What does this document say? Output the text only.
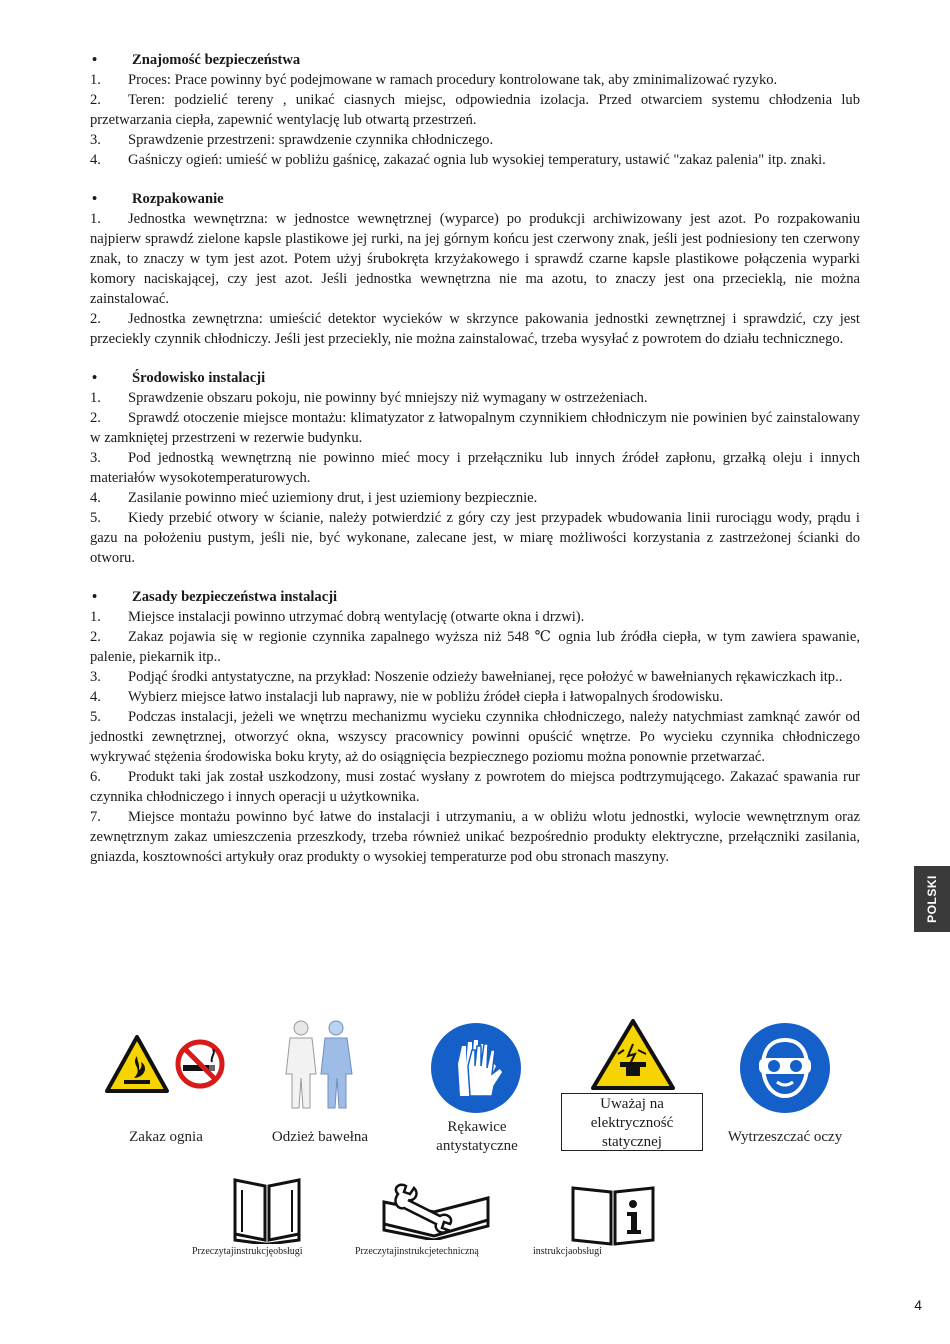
•	Znajomość bezpieczeństwa
1. Proces: Prace powinny być podejmowane w ramach procedury kontrolowane tak, aby zminimalizować ryzyko.
2. Teren: podzielić tereny , unikać ciasnych miejsc, odpowiednia izolacja. Przed otwarciem systemu chłodzenia lub przetwarzania ciepła, zapewnić wentylację lub otwartą przestrzeń.
3. Sprawdzenie przestrzeni: sprawdzenie czynnika chłodniczego.
4. Gaśniczy ogień: umieść w pobliżu gaśnicę, zakazać ognia lub wysokiej temperatury, ustawić "zakaz palenia" itp. znaki.
•	Rozpakowanie
1. Jednostka wewnętrzna: w jednostce wewnętrznej (wyparce) po produkcji archiwizowany jest azot. Po rozpakowaniu najpierw sprawdź zielone kapsle plastikowe jej rurki, na jej górnym końcu jest czerwony znak, jeśli jest podniesiony ten czerwony znak, to znaczy w tym jest azot. Potem użyj śrubokręta krzyżakowego i sprawdź czarne kapsle plastikowe połączenia wyparki komory naciskającej, czy jest azot. Jeśli jednostka wewnętrzna nie ma azotu, to znaczy jest ona przecieklą, nie można zainstalować.
2. Jednostka zewnętrzna: umieścić detektor wycieków w skrzynce pakowania jednostki zewnętrznej i sprawdzić, czy jest przecieklу czynnik chłodniczy. Jeśli jest przecieklу, nie można zainstalować, trzeba wysyłać z powrotem do działu technicznego.
•	Środowisko instalacji
1. Sprawdzenie obszaru pokoju, nie powinny być mniejszy niż wymagany w ostrzeżeniach.
2. Sprawdź otoczenie miejsce montażu: klimatyzator z łatwopalnym czynnikiem chłodniczym nie powinien być zainstalowany w zamkniętej przestrzeni w rezerwie budynku.
3. Pod jednostką wewnętrzną nie powinno mieć mocy i przełączniku lub innych źródeł zapłonu, grzałką oleju i innych materiałów wysokotemperaturowych.
4. Zasilanie powinno mieć uziemiony drut, i jest uziemiony bezpiecznie.
5. Kiedy przebić otwory w ścianie, należy potwierdzić z góry czy jest przypadek wbudowania linii rurociągu wody, prądu i gazu na położeniu pustym, jeśli nie, być wykonane, zalecane jest, w miarę możliwości korzystania z zastrzeżonej ścianki do otworu.
•	Zasady bezpieczeństwa instalacji
1. Miejsce instalacji powinno utrzymać dobrą wentylację (otwarte okna i drzwi).
2. Zakaz pojawia się w regionie czynnika zapalnego wyższa niż 548 ℃ ognia lub źródła ciepła, w tym zawiera spawanie, palenie, piekarnik itp..
3. Podjąć środki antystatyczne, na przykład: Noszenie odzieży bawełnianej, ręce położyć w bawełnianych rękawiczkach itp..
4. Wybierz miejsce łatwo instalacji lub naprawy, nie w pobliżu źródeł ciepła i łatwopalnych środowisku.
5. Podczas instalacji, jeżeli we wnętrzu mechanizmu wycieku czynnika chłodniczego, należy natychmiast zamknąć zawór od jednostki zewnętrznej, otworzyć okna, wszyscy pracownicy powinni opuścić wnętrze. Po wycieku czynnika chłodniczego wykrywać stężenia środowiska boku kryty, aż do osiągnięcia bezpiecznego poziomu można ponownie przetwarzać.
6. Produkt taki jak został uszkodzony, musi zostać wysłany z powrotem do miejsca podtrzymującego. Zakazać spawania rur czynnika chłodniczego i innych operacji u użytkownika.
7. Miejsce montażu powinno być łatwe do instalacji i utrzymaniu, a w obliżu wlotu jednostki, wylocie wewnętrznym oraz zewnętrznym zakaz umieszczenia przeszkody, trzeba również unikać bezpośrednio produkty elektryczne, przełączniki zasilania, gniazda, kosztowności artykuły oraz produkty o wysokiej temperaturze pod obu stronach maszyny.
POLSKI
Zakaz ognia	Odzież bawełna
Rękawice antystatyczne
Uważaj na elektryczność statycznej	Wytrzeszczać oczy
Przeczytajinstrukcjęobsługi	Przeczytajinstrukcjetechniczną	instrukcjaobsługi
4
